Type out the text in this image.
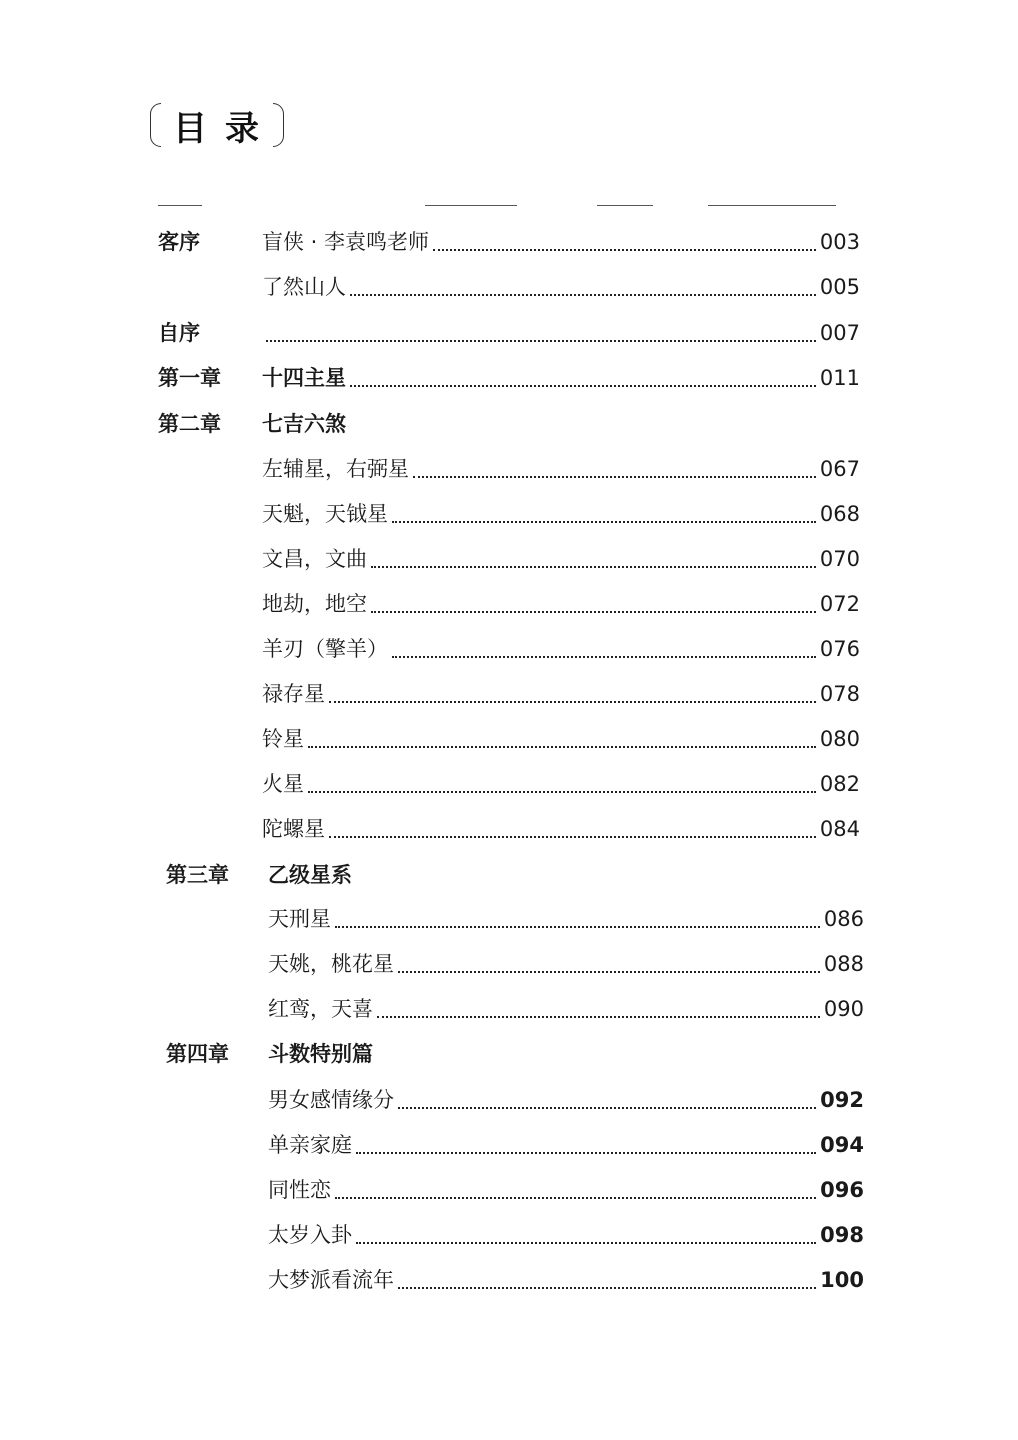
目 录
客序	盲侠 · 李袁鸣老师	003
了然山人	005
自序	007
第一章 十四主星	011
第二章 七吉六煞
左辅星，右弼星	067
天魁，天钺星	068
文昌，文曲	070
地劫，地空	072
羊刃（擎羊）	076
禄存星	078
铃星	080
火星	082
陀螺星	084
第三章 乙级星系
天刑星	086
天姚，桃花星	088
红鸾，天喜	090
第四章 斗数特别篇
男女感情缘分	092
单亲家庭	094
同性恋	096
太岁入卦	098
大梦派看流年	100
